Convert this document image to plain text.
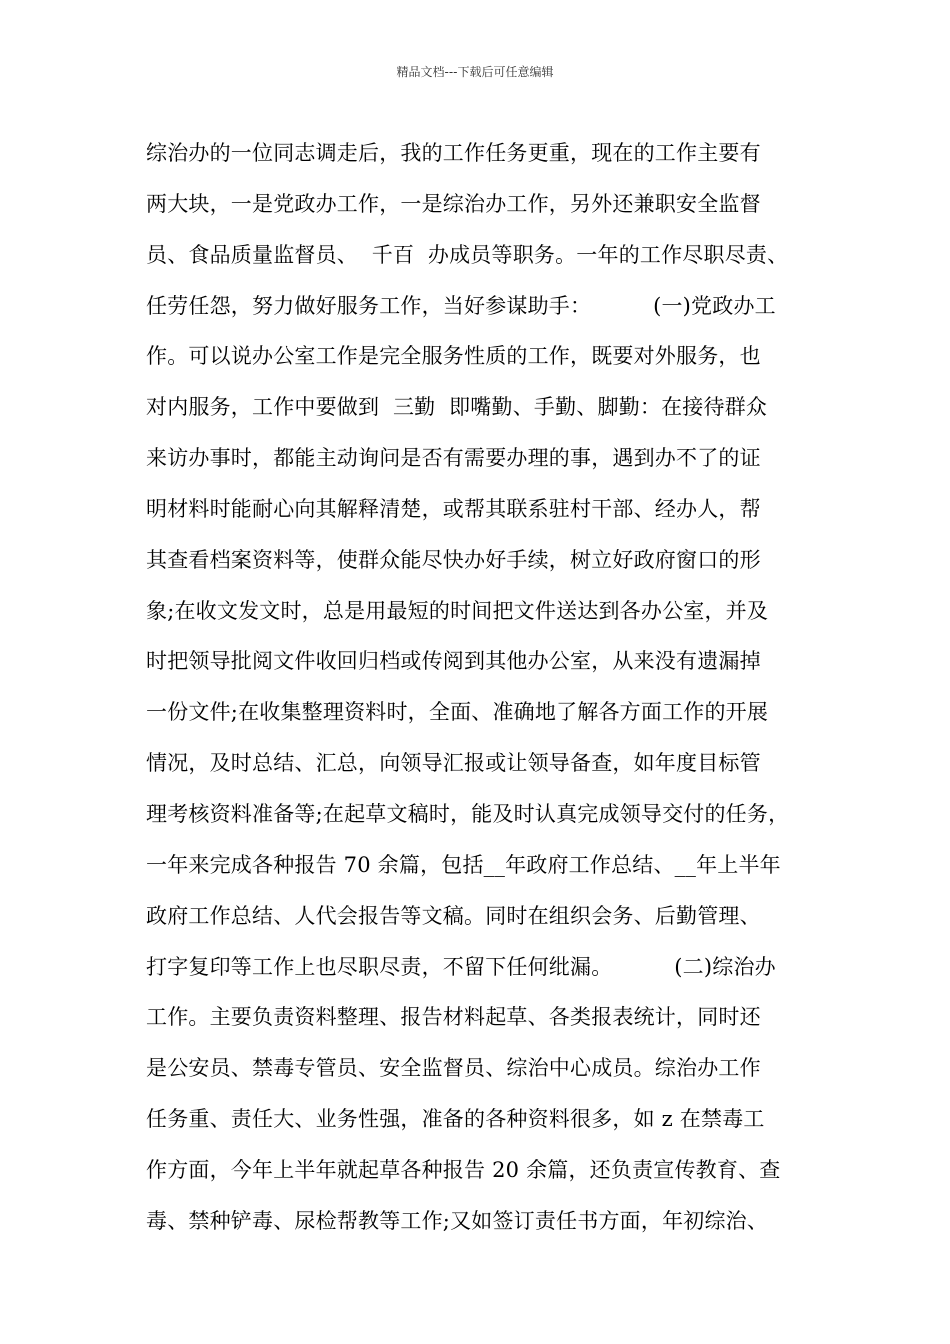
精品文档---下载后可任意编辑
综治办的一位同志调走后，我的工作任务更重，现在的工作主要有
两大块，一是党政办工作，一是综治办工作，另外还兼职安全监督
员、食品质量监督员、  千百  办成员等职务。一年的工作尽职尽责、
任劳任怨，努力做好服务工作，当好参谋助手：         (一)党政办工
作。可以说办公室工作是完全服务性质的工作，既要对外服务，也
对内服务，工作中要做到  三勤  即嘴勤、手勤、脚勤：在接待群众
来访办事时，都能主动询问是否有需要办理的事，遇到办不了的证
明材料时能耐心向其解释清楚，或帮其联系驻村干部、经办人，帮
其查看档案资料等，使群众能尽快办好手续，树立好政府窗口的形
象;在收文发文时，总是用最短的时间把文件送达到各办公室，并及
时把领导批阅文件收回归档或传阅到其他办公室，从来没有遗漏掉
一份文件;在收集整理资料时，全面、准确地了解各方面工作的开展
情况，及时总结、汇总，向领导汇报或让领导备查，如年度目标管
理考核资料准备等;在起草文稿时，能及时认真完成领导交付的任务，
一年来完成各种报告 70 余篇，包括__年政府工作总结、__年上半年
政府工作总结、人代会报告等文稿。同时在组织会务、后勤管理、
打字复印等工作上也尽职尽责，不留下任何纰漏。         (二)综治办
工作。主要负责资料整理、报告材料起草、各类报表统计，同时还
是公安员、禁毒专管员、安全监督员、综治中心成员。综治办工作
任务重、责任大、业务性强，准备的各种资料很多，如 z 在禁毒工
作方面，今年上半年就起草各种报告 20 余篇，还负责宣传教育、查
毒、禁种铲毒、尿检帮教等工作;又如签订责任书方面，年初综治、
